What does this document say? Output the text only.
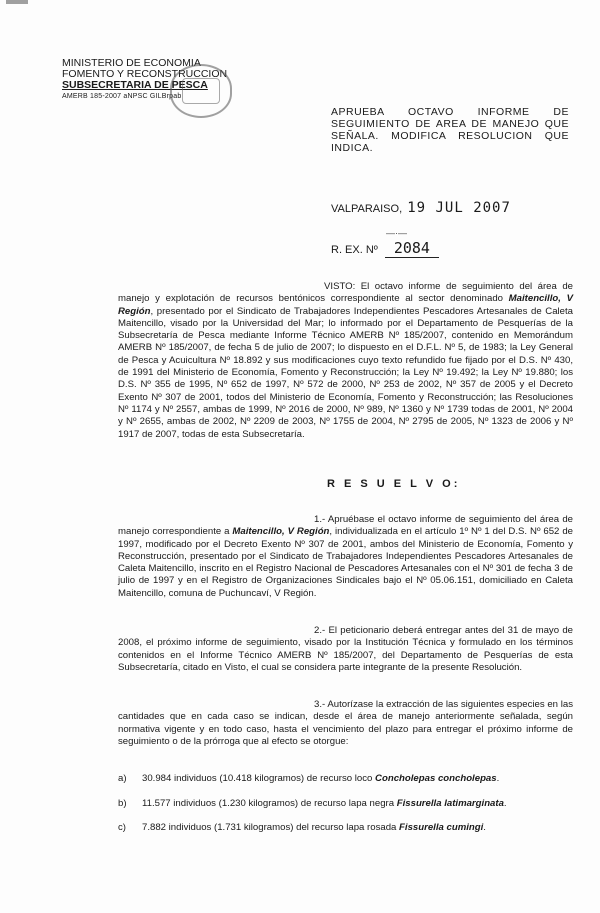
MINISTERIO DE ECONOMIA
FOMENTO Y RECONSTRUCCION
SUBSECRETARIA DE PESCA
AMERB 185-2007 aNPSC GILBrpab
APRUEBA OCTAVO INFORME DE
SEGUIMIENTO DE AREA DE MANEJO QUE
SEÑALA. MODIFICA RESOLUCION QUE
INDICA.
VALPARAISO, 19 JUL 2007
—·—
R. EX. Nº 2084
VISTO: El octavo informe de seguimiento del área de manejo y explotación de recursos bentónicos correspondiente al sector denominado Maitencillo, V Región, presentado por el Sindicato de Trabajadores Independientes Pescadores Artesanales de Caleta Maitencillo, visado por la Universidad del Mar; lo informado por el Departamento de Pesquerías de la Subsecretaría de Pesca mediante Informe Técnico AMERB Nº 185/2007, contenido en Memorándum AMERB Nº 185/2007, de fecha 5 de julio de 2007; lo dispuesto en el D.F.L. Nº 5, de 1983; la Ley General de Pesca y Acuicultura Nº 18.892 y sus modificaciones cuyo texto refundido fue fijado por el D.S. Nº 430, de 1991 del Ministerio de Economía, Fomento y Reconstrucción; la Ley Nº 19.492; la Ley Nº 19.880; los D.S. Nº 355 de 1995, Nº 652 de 1997, Nº 572 de 2000, Nº 253 de 2002, Nº 357 de 2005 y el Decreto Exento Nº 307 de 2001, todos del Ministerio de Economía, Fomento y Reconstrucción; las Resoluciones Nº 1174 y Nº 2557, ambas de 1999, Nº 2016 de 2000, Nº 989, Nº 1360 y Nº 1739 todas de 2001, Nº 2004 y Nº 2655, ambas de 2002, Nº 2209 de 2003, Nº 1755 de 2004, Nº 2795 de 2005, Nº 1323 de 2006 y Nº 1917 de 2007, todas de esta Subsecretaría.
R E S U E L V O:
1.- Apruébase el octavo informe de seguimiento del área de manejo correspondiente a Maitencillo, V Región, individualizada en el artículo 1º Nº 1 del D.S. Nº 652 de 1997, modificado por el Decreto Exento Nº 307 de 2001, ambos del Ministerio de Economía, Fomento y Reconstrucción, presentado por el Sindicato de Trabajadores Independientes Pescadores Artesanales de Caleta Maitencillo, inscrito en el Registro Nacional de Pescadores Artesanales con el Nº 301 de fecha 3 de julio de 1997 y en el Registro de Organizaciones Sindicales bajo el Nº 05.06.151, domiciliado en Caleta Maitencillo, comuna de Puchuncaví, V Región.
2.- El peticionario deberá entregar antes del 31 de mayo de 2008, el próximo informe de seguimiento, visado por la Institución Técnica y formulado en los términos contenidos en el Informe Técnico AMERB Nº 185/2007, del Departamento de Pesquerías de esta Subsecretaría, citado en Visto, el cual se considera parte integrante de la presente Resolución.
3.- Autorízase la extracción de las siguientes especies en las cantidades que en cada caso se indican, desde el área de manejo anteriormente señalada, según normativa vigente y en todo caso, hasta el vencimiento del plazo para entregar el próximo informe de seguimiento o de la prórroga que al efecto se otorgue:
a) 30.984 individuos (10.418 kilogramos) de recurso loco Concholepas concholepas.
b) 11.577 individuos (1.230 kilogramos) de recurso lapa negra Fissurella latimarginata.
c) 7.882 individuos (1.731 kilogramos) del recurso lapa rosada Fissurella cumingi.
